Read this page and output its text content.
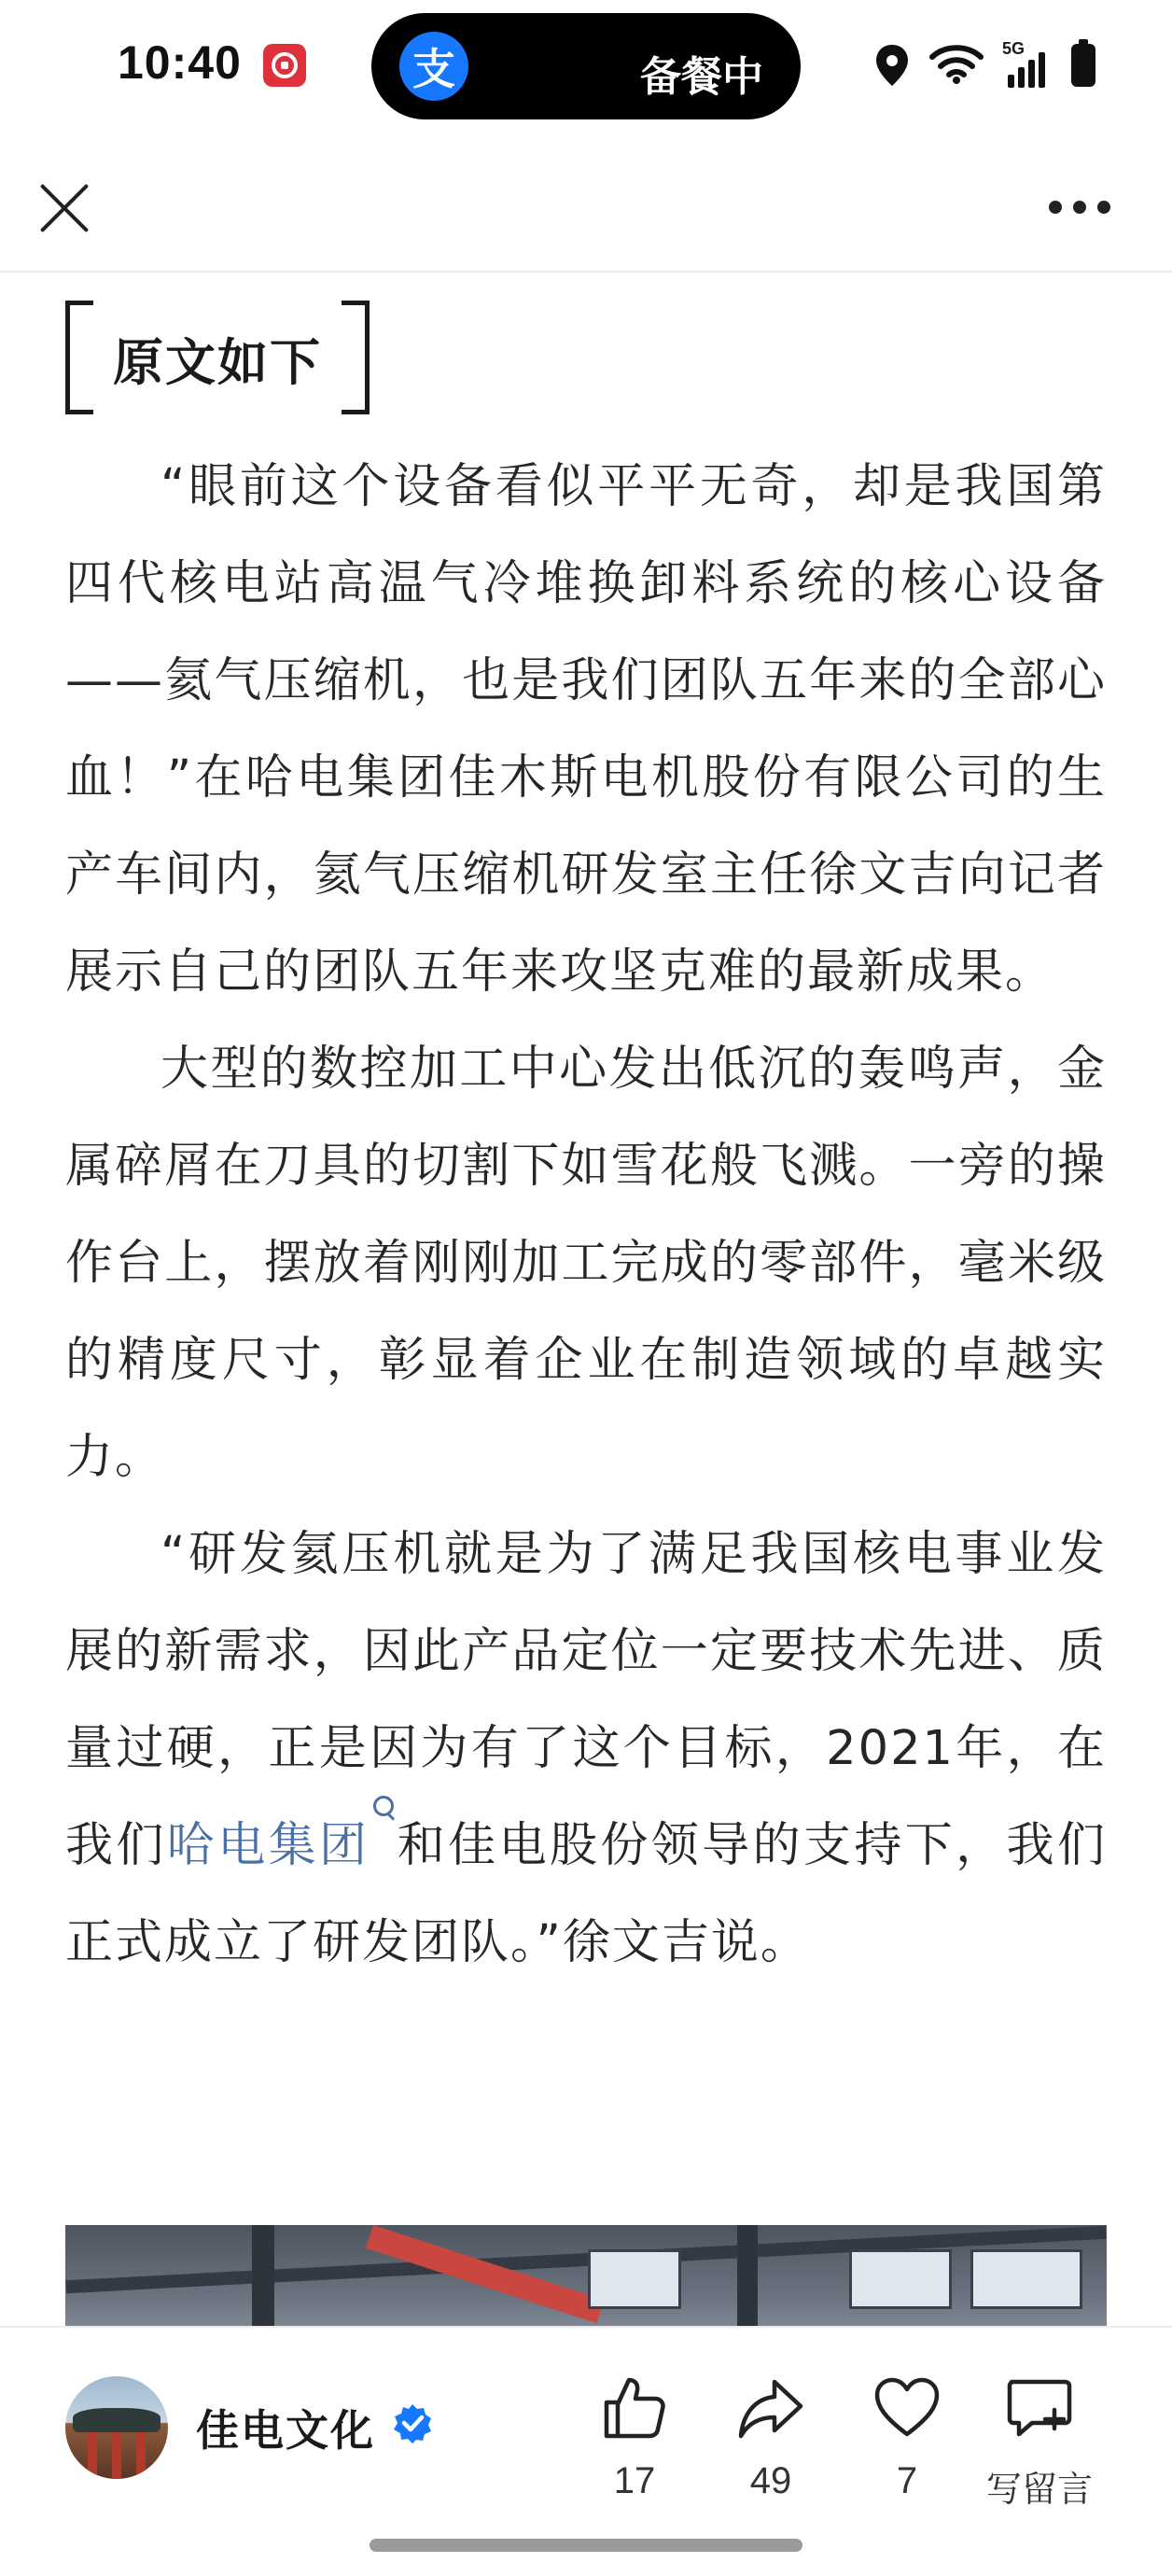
10:40	支	备餐中
5G
原文如下

“眼前这个设备看似平平无奇，却是我国第四代核电站高温气冷堆换卸料系统的核心设备——氦气压缩机，也是我们团队五年来的全部心血！”在哈电集团佳木斯电机股份有限公司的生产车间内，氦气压缩机研发室主任徐文吉向记者展示自己的团队五年来攻坚克难的最新成果。

大型的数控加工中心发出低沉的轰鸣声，金属碎屑在刀具的切割下如雪花般飞溅。一旁的操作台上，摆放着刚刚加工完成的零部件，毫米级的精度尺寸，彰显着企业在制造领域的卓越实力。

“研发氦压机就是为了满足我国核电事业发展的新需求，因此产品定位一定要技术先进、质量过硬，正是因为有了这个目标，2021年，在我们哈电集团 和佳电股份领导的支持下，我们正式成立了研发团队。”徐文吉说。

佳电文化
17	49	7	写留言
